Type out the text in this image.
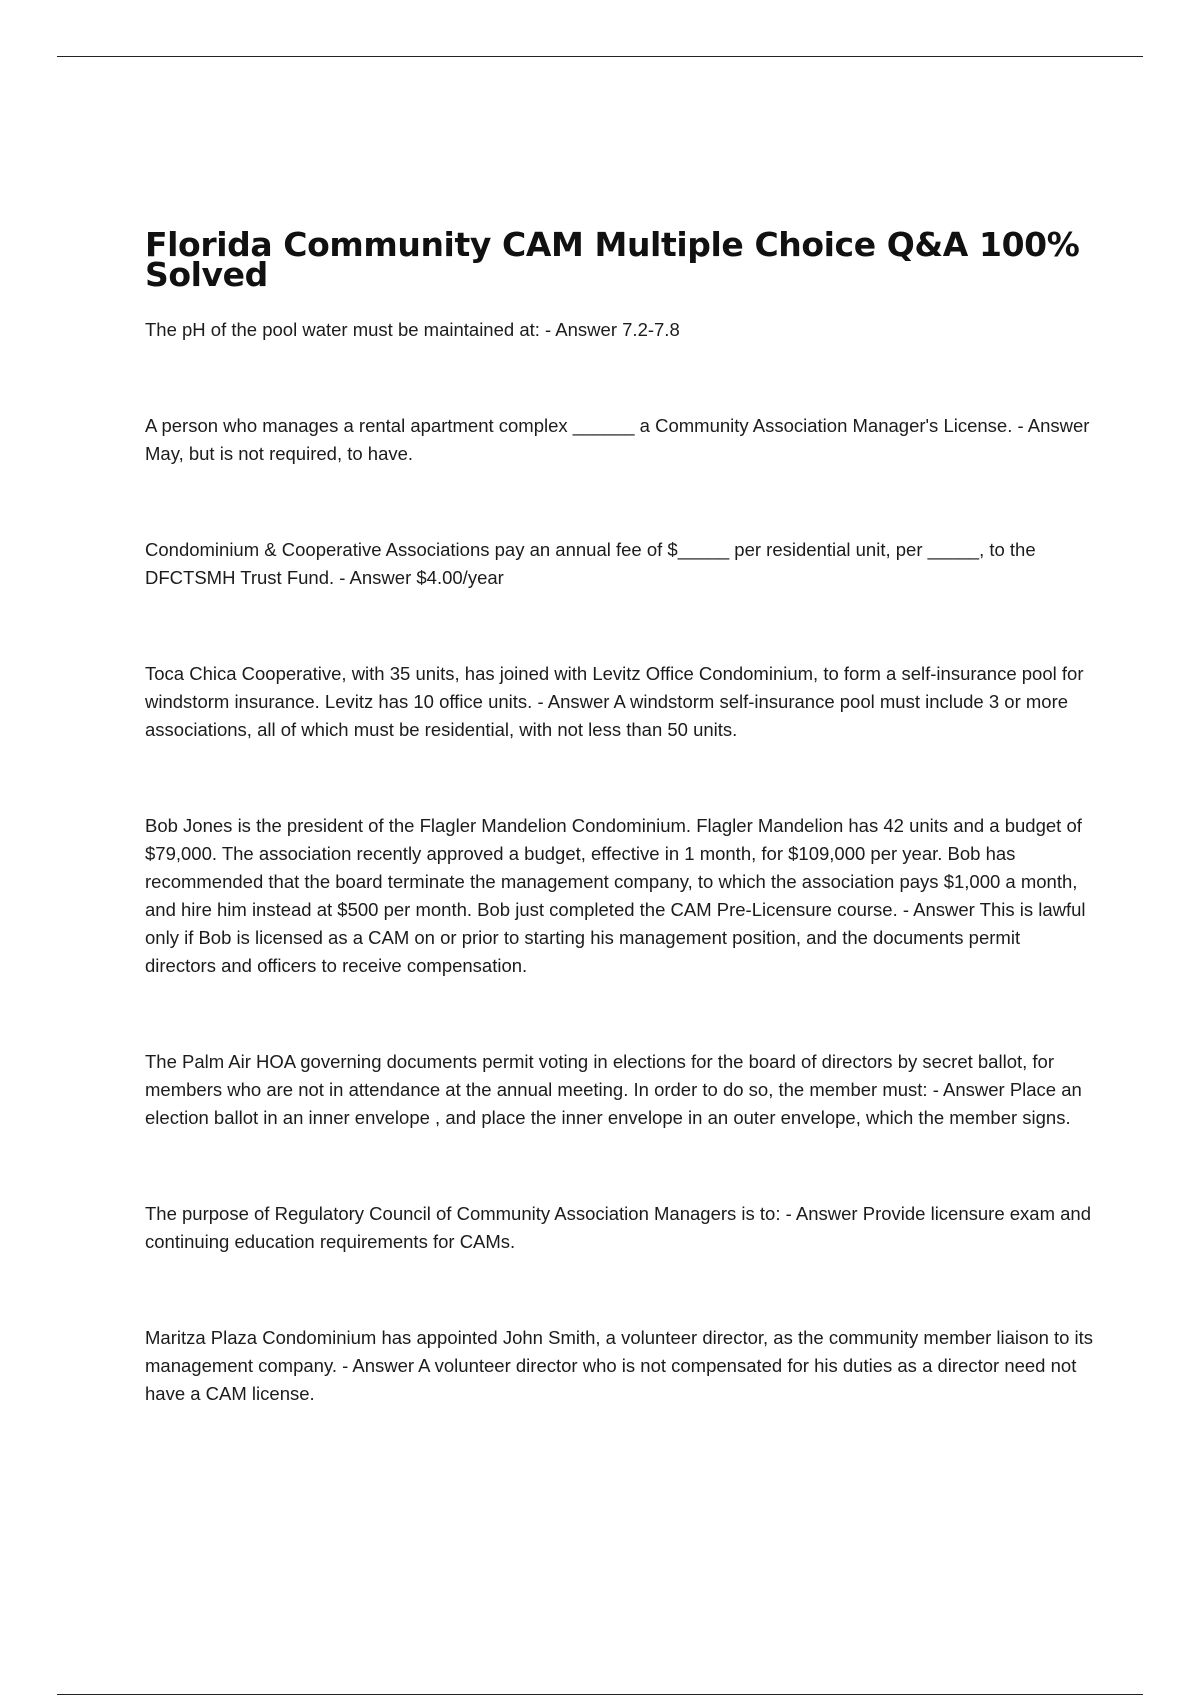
Florida Community CAM Multiple Choice Q&A 100% Solved

The pH of the pool water must be maintained at: - Answer 7.2-7.8

A person who manages a rental apartment complex ______ a Community Association Manager's License. - Answer May, but is not required, to have.

Condominium & Cooperative Associations pay an annual fee of $_____ per residential unit, per _____, to the DFCTSMH Trust Fund. - Answer $4.00/year

Toca Chica Cooperative, with 35 units, has joined with Levitz Office Condominium, to form a self-insurance pool for windstorm insurance. Levitz has 10 office units. - Answer A windstorm self-insurance pool must include 3 or more associations, all of which must be residential, with not less than 50 units.

Bob Jones is the president of the Flagler Mandelion Condominium. Flagler Mandelion has 42 units and a budget of $79,000. The association recently approved a budget, effective in 1 month, for $109,000 per year. Bob has recommended that the board terminate the management company, to which the association pays $1,000 a month, and hire him instead at $500 per month. Bob just completed the CAM Pre-Licensure course. - Answer This is lawful only if Bob is licensed as a CAM on or prior to starting his management position, and the documents permit directors and officers to receive compensation.

The Palm Air HOA governing documents permit voting in elections for the board of directors by secret ballot, for members who are not in attendance at the annual meeting. In order to do so, the member must: - Answer Place an election ballot in an inner envelope , and place the inner envelope in an outer envelope, which the member signs.

The purpose of Regulatory Council of Community Association Managers is to: - Answer Provide licensure exam and continuing education requirements for CAMs.

Maritza Plaza Condominium has appointed John Smith, a volunteer director, as the community member liaison to its management company. - Answer A volunteer director who is not compensated for his duties as a director need not have a CAM license.
